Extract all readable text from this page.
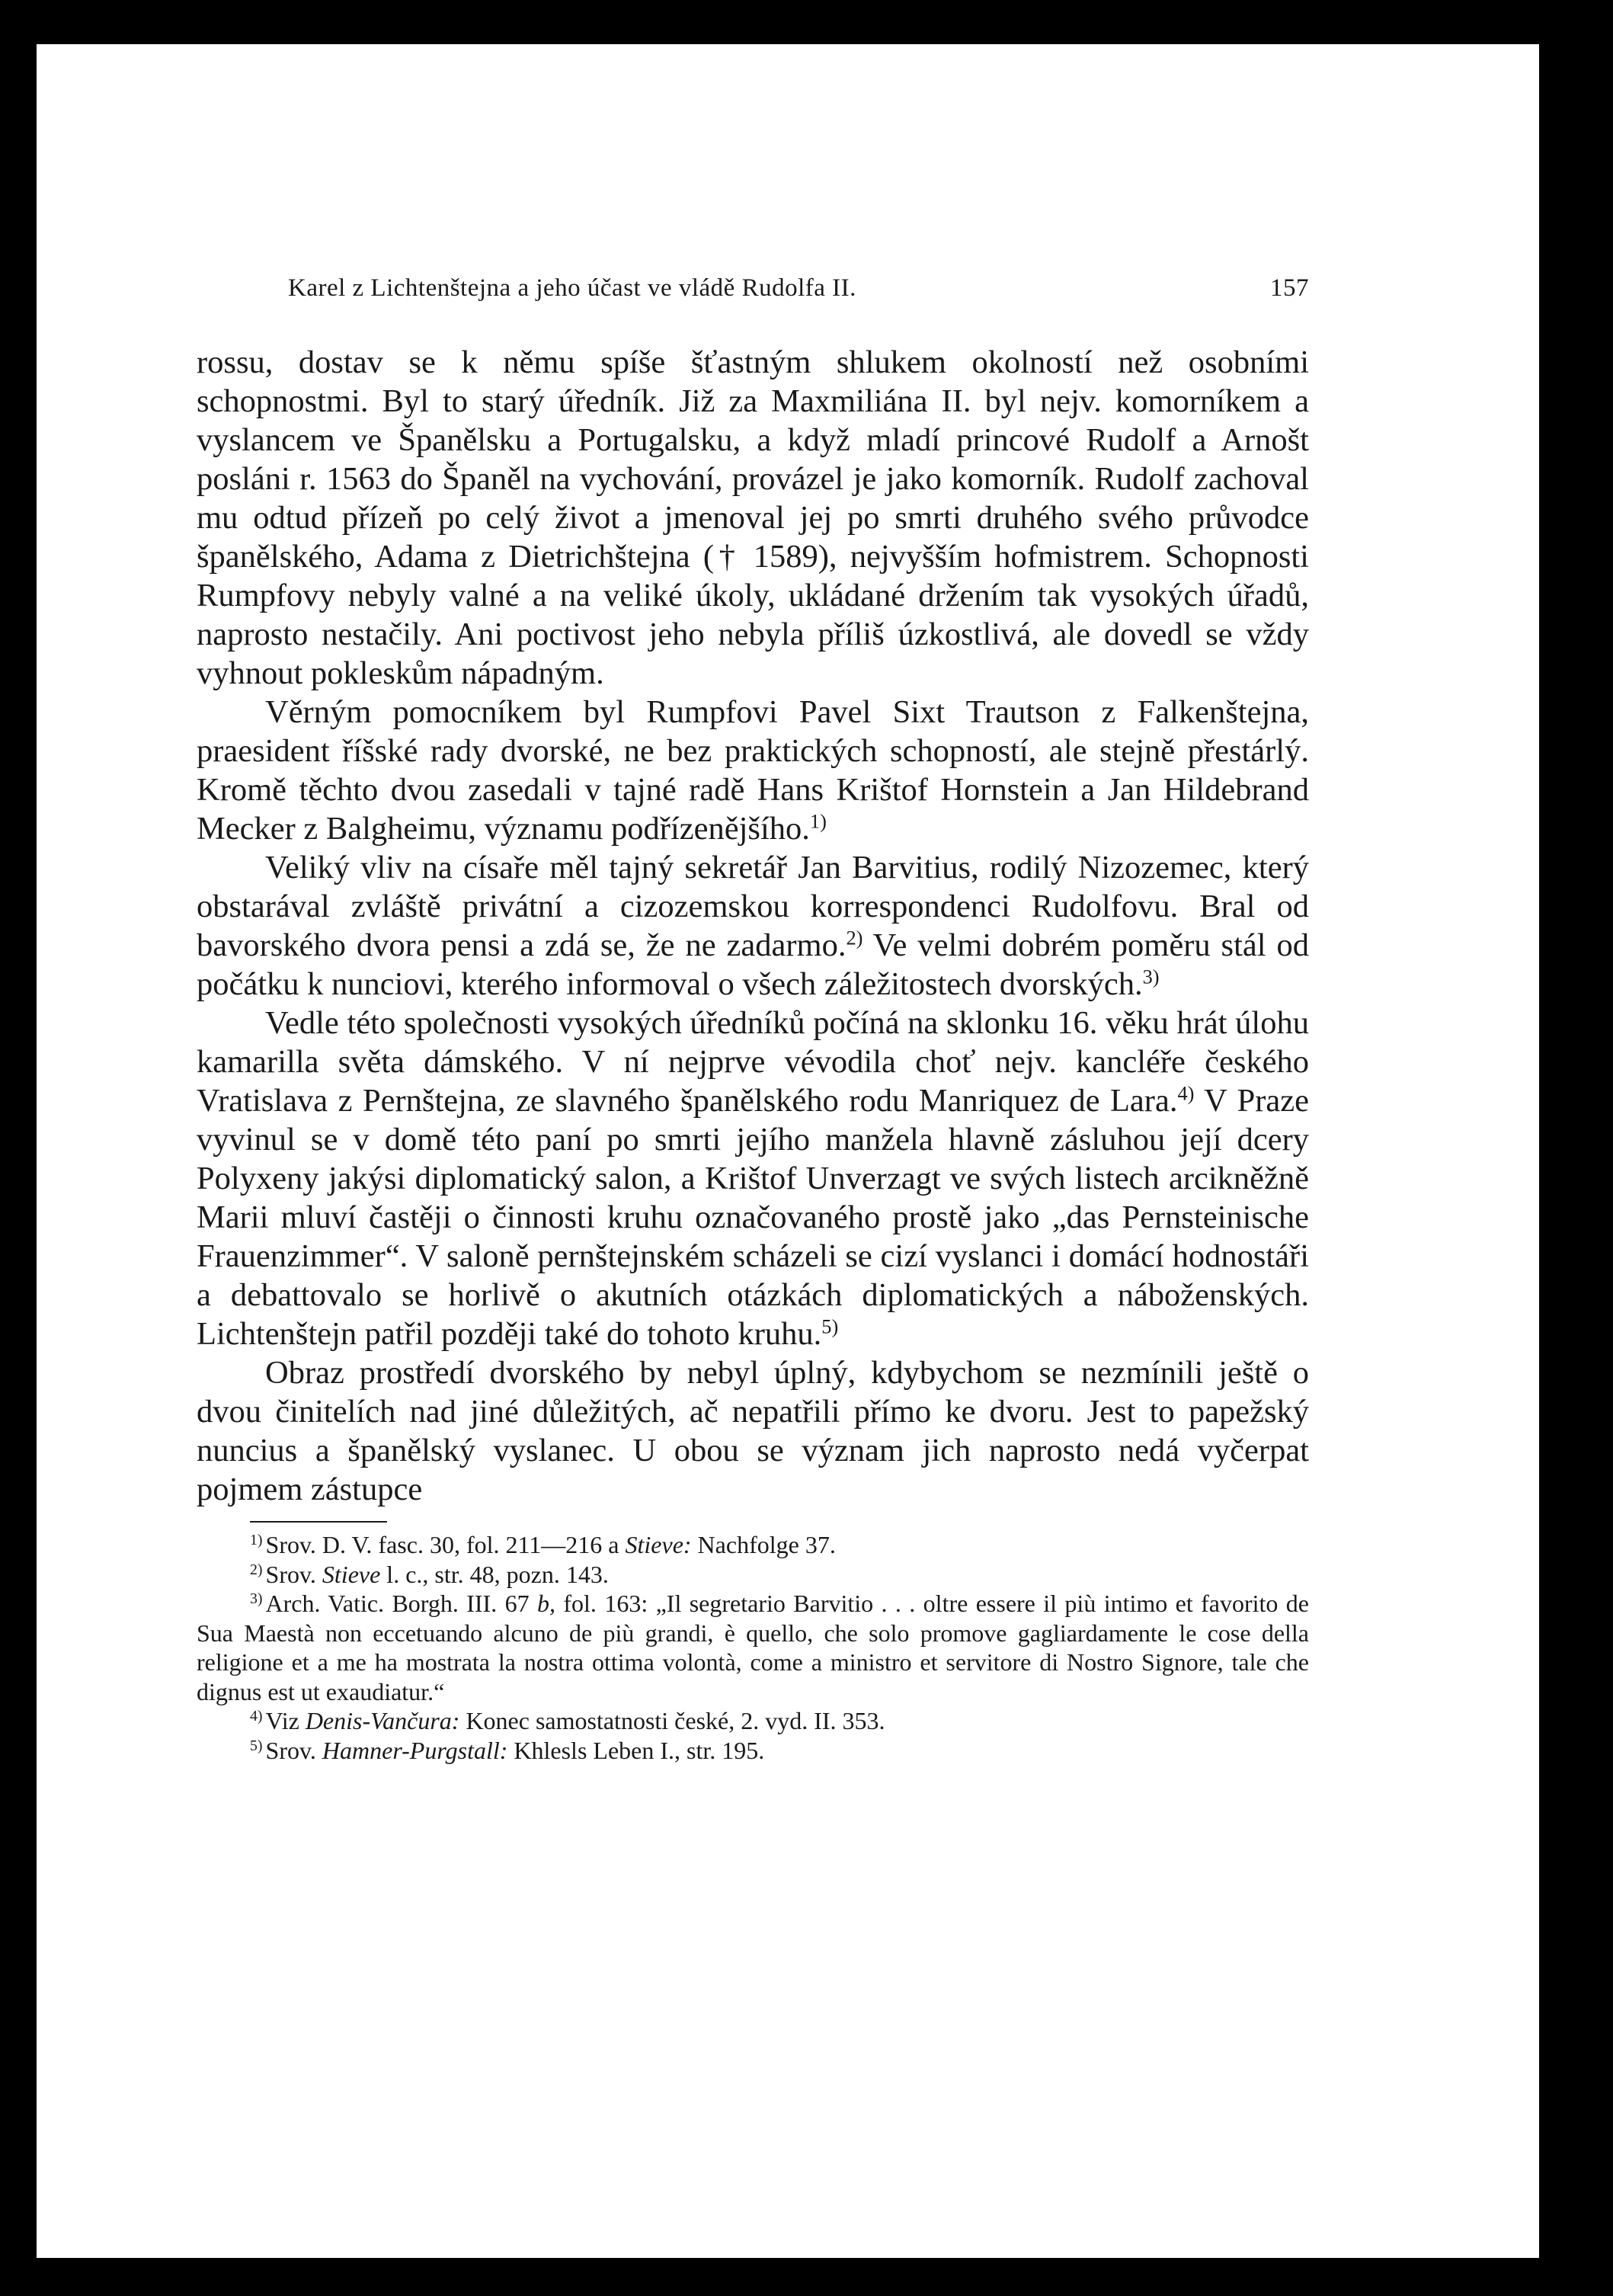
Karel z Lichtenštejna a jeho účast ve vládě Rudolfa II.	157

rossu, dostav se k němu spíše šťastným shlukem okolností než osobními schopnostmi. Byl to starý úředník. Již za Maxmiliána II. byl nejv. komorníkem a vyslancem ve Španělsku a Portugalsku, a když mladí princové Rudolf a Arnošt posláni r. 1563 do Španěl na vychování, provázel je jako komorník. Rudolf zachoval mu odtud přízeň po celý život a jmenoval jej po smrti druhého svého průvodce španělského, Adama z Dietrichštejna († 1589), nejvyšším hofmistrem. Schopnosti Rumpfovy nebyly valné a na veliké úkoly, ukládané držením tak vysokých úřadů, naprosto nestačily. Ani poctivost jeho nebyla příliš úzkostlivá, ale dovedl se vždy vyhnout pokleskům nápadným.

Věrným pomocníkem byl Rumpfovi Pavel Sixt Trautson z Falkenštejna, praesident říšské rady dvorské, ne bez praktických schopností, ale stejně přestárlý. Kromě těchto dvou zasedali v tajné radě Hans Krištof Hornstein a Jan Hildebrand Mecker z Balgheimu, významu podřízenějšího.$^{1)}$

Veliký vliv na císaře měl tajný sekretář Jan Barvitius, rodilý Nizozemec, který obstarával zvláště privátní a cizozemskou korrespondenci Rudolfovu. Bral od bavorského dvora pensi a zdá se, že ne zadarmo.$^{2)}$ Ve velmi dobrém poměru stál od počátku k nunciovi, kterého informoval o všech záležitostech dvorských.$^{3)}$

Vedle této společnosti vysokých úředníků počíná na sklonku 16. věku hrát úlohu kamarilla světa dámského. V ní nejprve vévodila choť nejv. kancléře českého Vratislava z Pernštejna, ze slavného španělského rodu Manriquez de Lara.$^{4)}$ V Praze vyvinul se v domě této paní po smrti jejího manžela hlavně zásluhou její dcery Polyxeny jakýsi diplomatický salon, a Krištof Unverzagt ve svých listech arcikněžně Marii mluví častěji o činnosti kruhu označovaného prostě jako „das Pernsteinische Frauenzimmer“. V saloně pernštejnském scházeli se cizí vyslanci i domácí hodnostáři a debattovalo se horlivě o akutních otázkách diplomatických a náboženských. Lichtenštejn patřil později také do tohoto kruhu.$^{5)}$

Obraz prostředí dvorského by nebyl úplný, kdybychom se nezmínili ještě o dvou činitelích nad jiné důležitých, ač nepatřili přímo ke dvoru. Jest to papežský nuncius a španělský vyslanec. U obou se význam jich naprosto nedá vyčerpat pojmem zástupce

$^{1)}$ Srov. D. V. fasc. 30, fol. 211—216 a Stieve: Nachfolge 37.

$^{2)}$ Srov. Stieve l. c., str. 48, pozn. 143.

$^{3)}$ Arch. Vatic. Borgh. III. 67 b, fol. 163: „Il segretario Barvitio . . . oltre essere il più intimo et favorito de Sua Maestà non eccetuando alcuno de più grandi, è quello, che solo promove gagliardamente le cose della religione et a me ha mostrata la nostra ottima volontà, come a ministro et servitore di Nostro Signore, tale che dignus est ut exaudiatur.“

$^{4)}$ Viz Denis-Vančura: Konec samostatnosti české, 2. vyd. II. 353.

$^{5)}$ Srov. Hamner-Purgstall: Khlesls Leben I., str. 195.
